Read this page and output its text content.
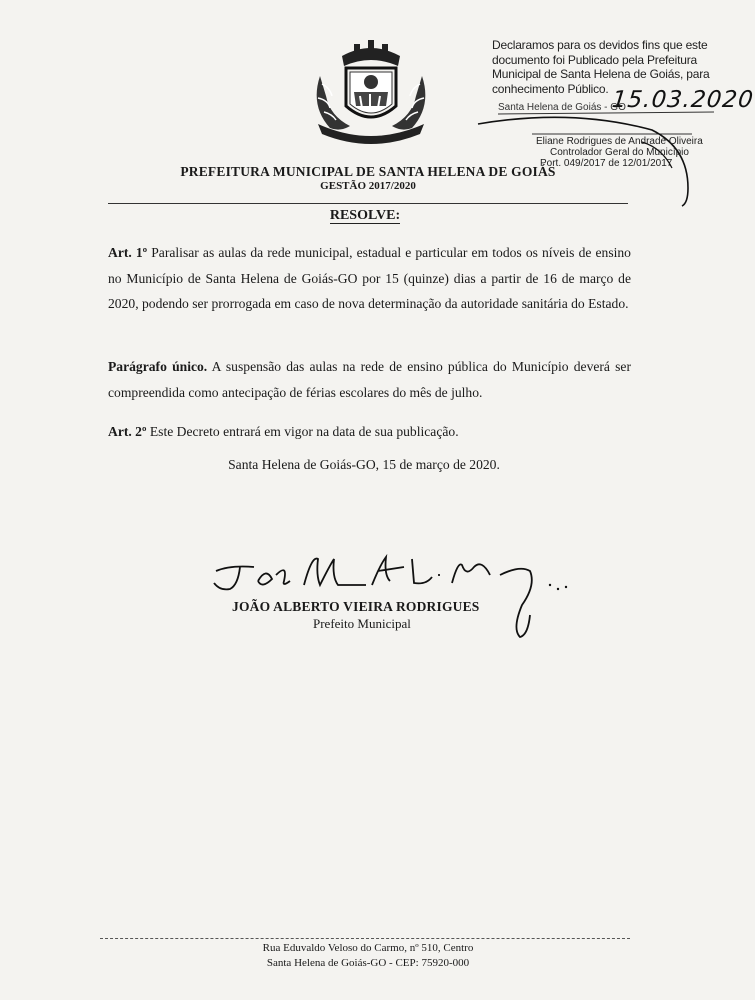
Declaramos para os devidos fins que este documento foi Publicado pela Prefeitura Municipal de Santa Helena de Goiás, para conhecimento Público.
Santa Helena de Goiás - GO
15.03.2020
Eliane Rodrigues de Andrade Oliveira
Controlador Geral do Município
Port. 049/2017 de 12/01/2017
PREFEITURA MUNICIPAL DE SANTA HELENA DE GOIÁS
GESTÃO 2017/2020
RESOLVE:
Art. 1º Paralisar as aulas da rede municipal, estadual e particular em todos os níveis de ensino no Município de Santa Helena de Goiás-GO por 15 (quinze) dias a partir de 16 de março de 2020, podendo ser prorrogada em caso de nova determinação da autoridade sanitária do Estado.
Parágrafo único. A suspensão das aulas na rede de ensino pública do Município deverá ser compreendida como antecipação de férias escolares do mês de julho.
Art. 2º Este Decreto entrará em vigor na data de sua publicação.
Santa Helena de Goiás-GO, 15 de março de 2020.
JOÃO ALBERTO VIEIRA RODRIGUES
Prefeito Municipal
Rua Eduvaldo Veloso do Carmo, nº 510, Centro
Santa Helena de Goiás-GO - CEP: 75920-000
